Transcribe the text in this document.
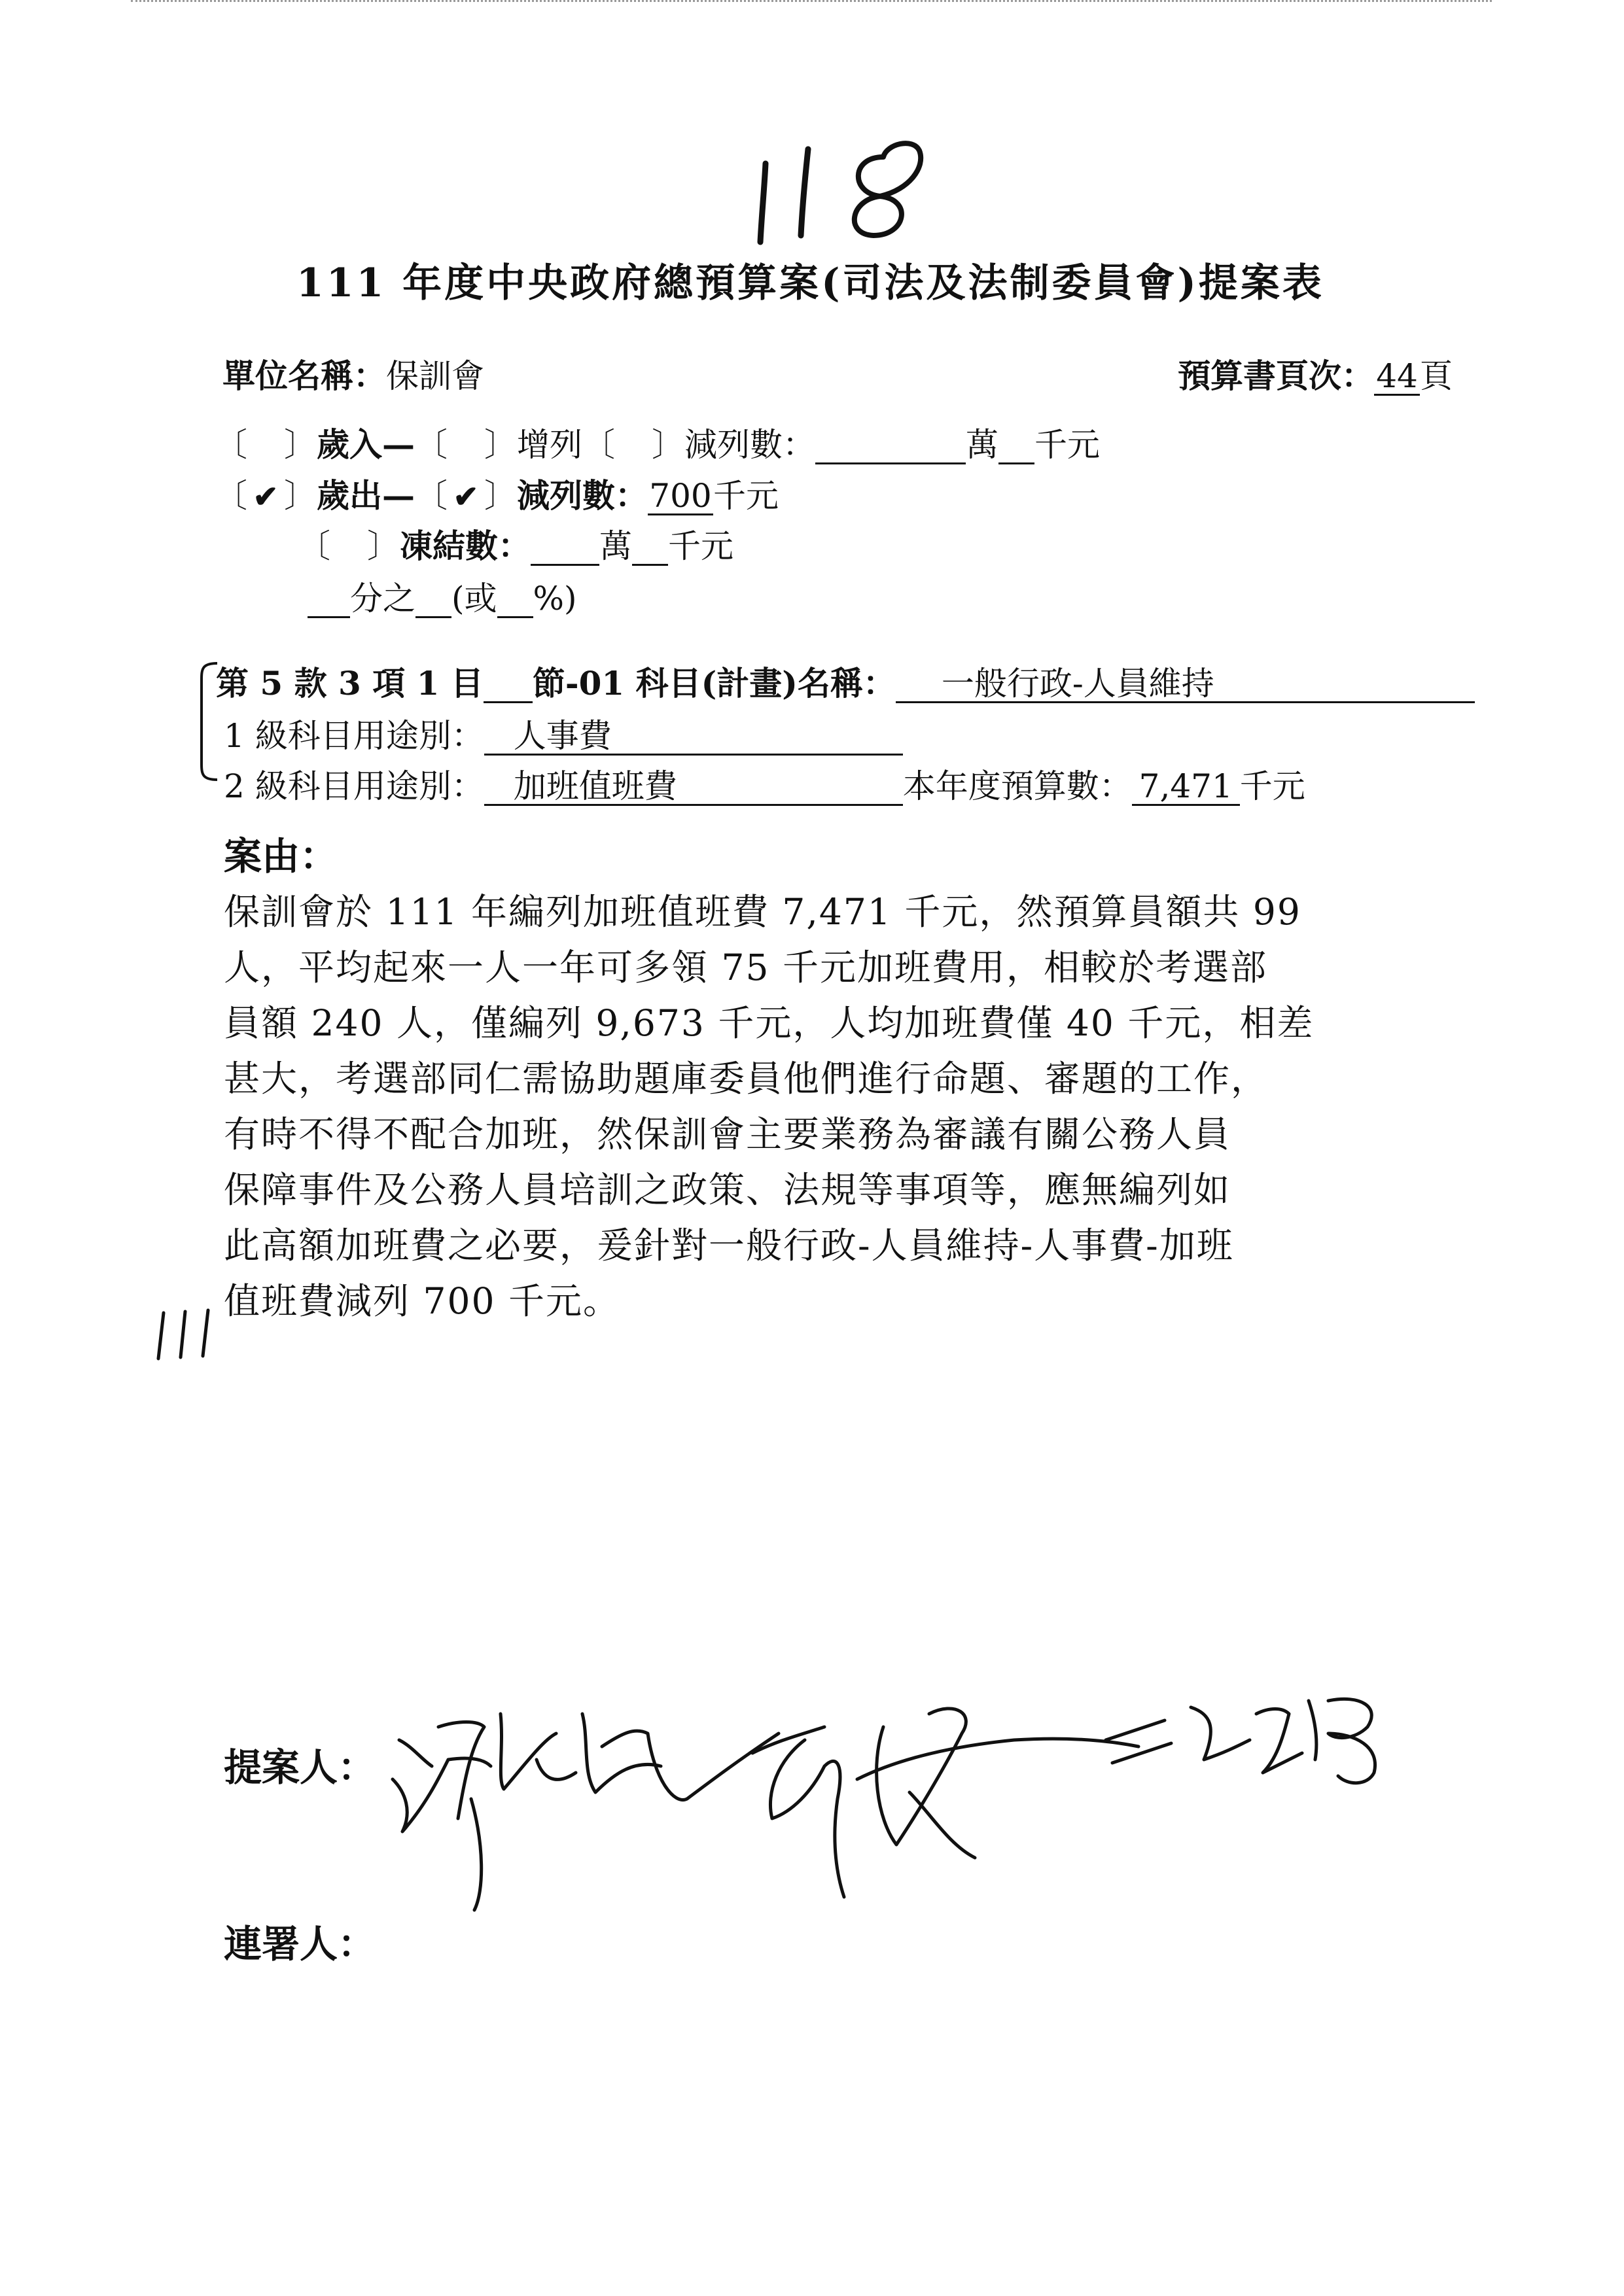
111 年度中央政府總預算案(司法及法制委員會)提案表
單位名稱：保訓會	預算書頁次：44頁
〔 〕歲入—〔 〕增列〔 〕減列數：	萬 千元
〔 ✔ 〕歲出—〔 ✔ 〕減列數：700千元
〔 〕凍結數： 萬 千元
分之 (或 %)
第 5 款 3 項 1 目 節-01 科目(計畫)名稱： 一般行政-人員維持
1 級科目用途別： 人事費
2 級科目用途別： 加班值班費	本年度預算數： 7,471 千元
案由：
保訓會於 111 年編列加班值班費 7,471 千元，然預算員額共 99
人，平均起來一人一年可多領 75 千元加班費用，相較於考選部
員額 240 人，僅編列 9,673 千元，人均加班費僅 40 千元，相差
甚大，考選部同仁需協助題庫委員他們進行命題、審題的工作，
有時不得不配合加班，然保訓會主要業務為審議有關公務人員
保障事件及公務人員培訓之政策、法規等事項等，應無編列如
此高額加班費之必要，爰針對一般行政-人員維持-人事費-加班
值班費減列 700 千元。
提案人：
連署人：
